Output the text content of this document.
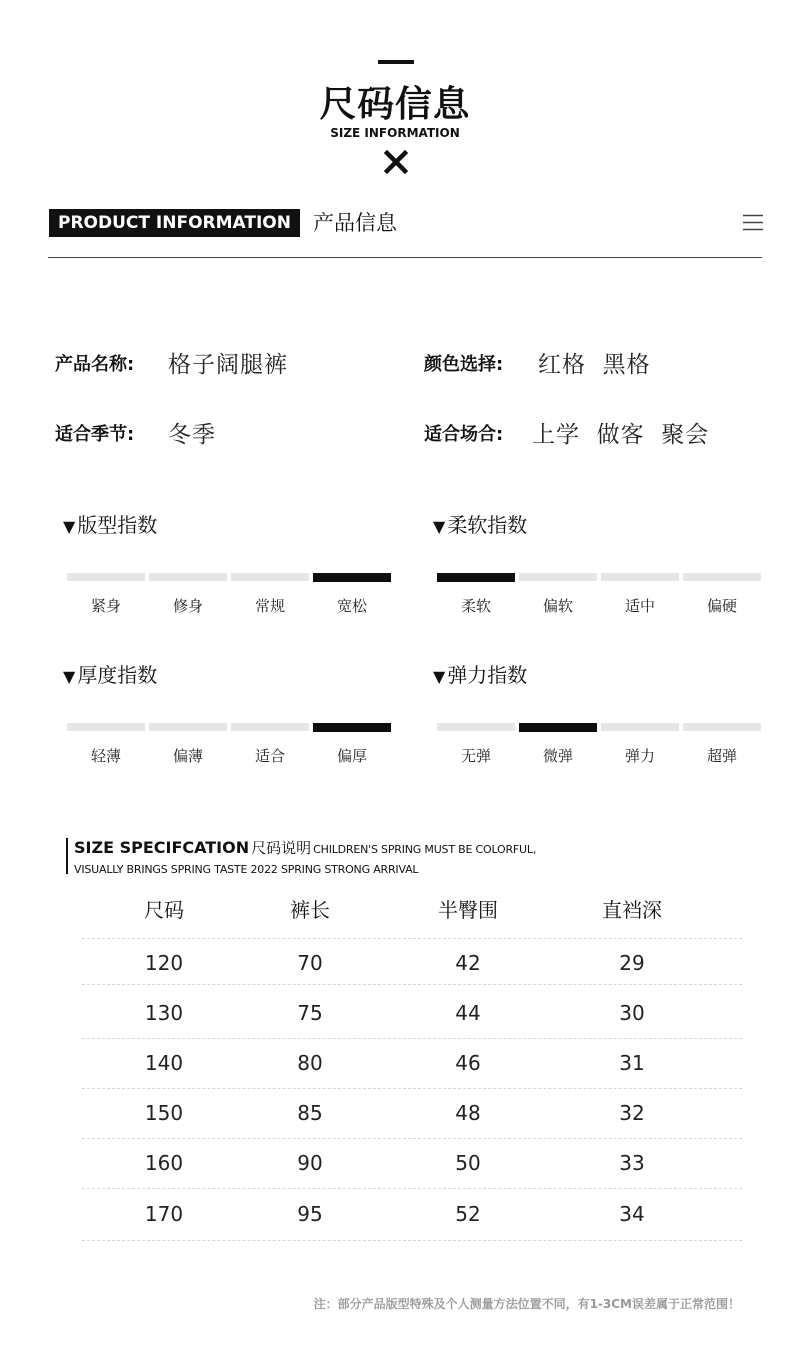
尺码信息
SIZE INFORMATION
PRODUCT INFORMATION	产品信息
产品名称: 格子阔腿裤	颜色选择: 红格  黑格
适合季节: 冬季	适合场合: 上学  做客  聚会
▼ 版型指数
紧身	修身	常规	宽松
▼ 柔软指数
柔软	偏软	适中	偏硬
▼ 厚度指数
轻薄	偏薄	适合	偏厚
▼ 弹力指数
无弹	微弹	弹力	超弹
SIZE SPECIFCATION 尺码说明 CHILDREN'S SPRING MUST BE COLORFUL,
VISUALLY BRINGS SPRING TASTE 2022 SPRING STRONG ARRIVAL
尺码	裤长	半臀围	直裆深
120	70	42	29
130	75	44	30
140	80	46	31
150	85	48	32
160	90	50	33
170	95	52	34
注：部分产品版型特殊及个人测量方法位置不同，有1-3CM误差属于正常范围！
